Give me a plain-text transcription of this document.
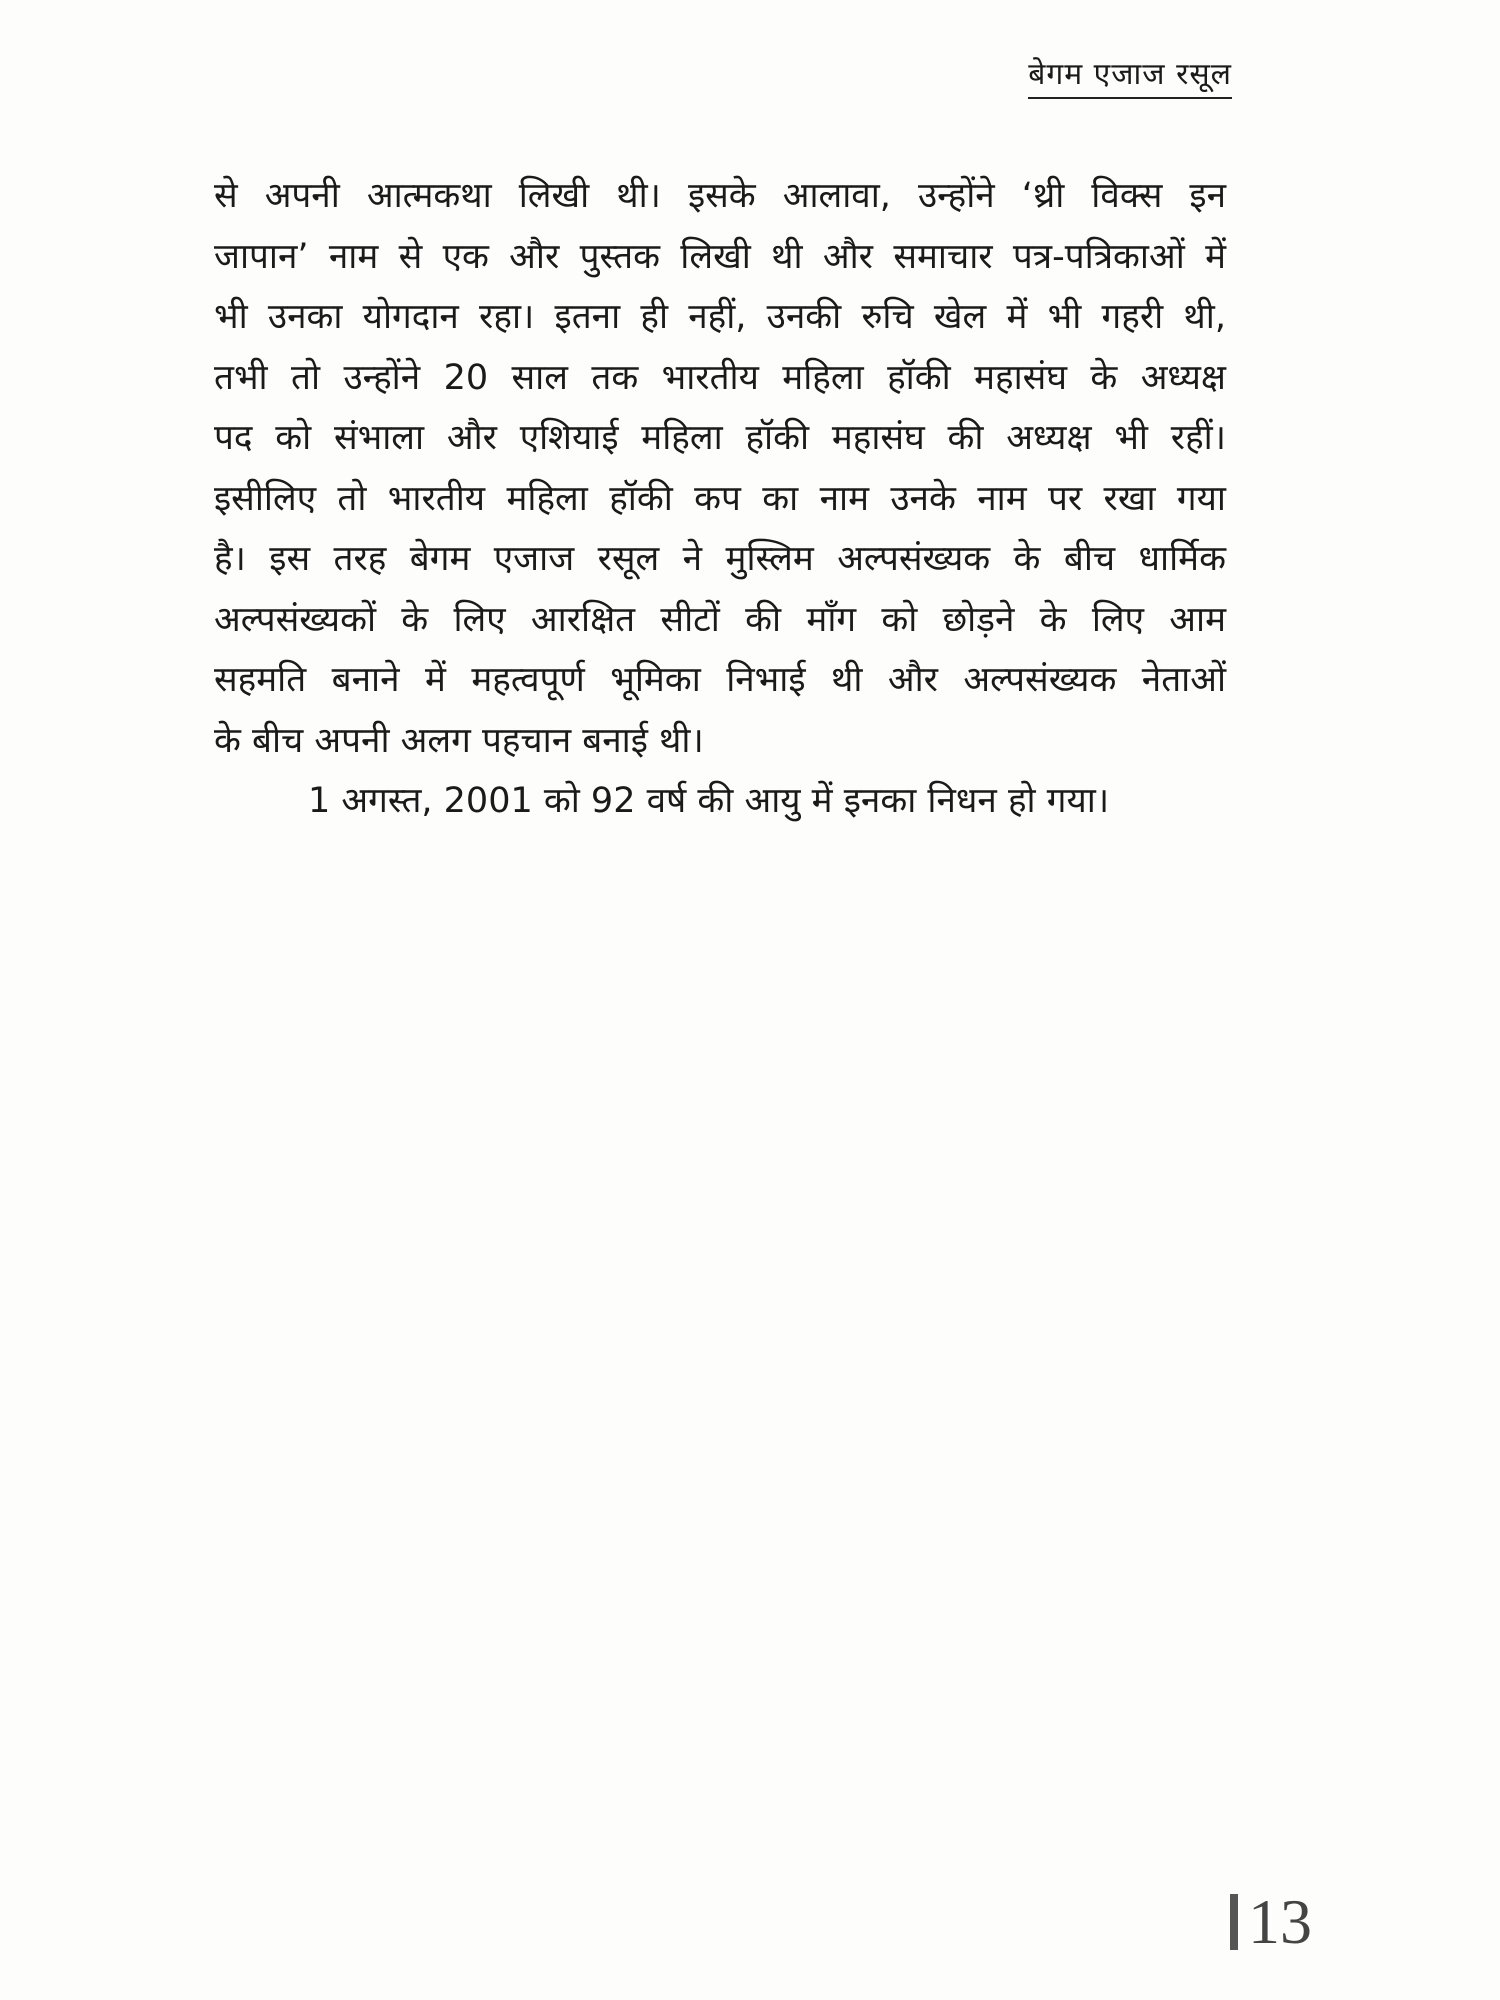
बेगम एजाज रसूल
से अपनी आत्मकथा लिखी थी। इसके आलावा, उन्होंने ‘थ्री विक्स इन
जापान’ नाम से एक और पुस्तक लिखी थी और समाचार पत्र-पत्रिकाओं में
भी उनका योगदान रहा। इतना ही नहीं, उनकी रुचि खेल में भी गहरी थी,
तभी तो उन्होंने 20 साल तक भारतीय महिला हॉकी महासंघ के अध्यक्ष
पद को संभाला और एशियाई महिला हॉकी महासंघ की अध्यक्ष भी रहीं।
इसीलिए तो भारतीय महिला हॉकी कप का नाम उनके नाम पर रखा गया
है। इस तरह बेगम एजाज रसूल ने मुस्लिम अल्पसंख्यक के बीच धार्मिक
अल्पसंख्यकों के लिए आरक्षित सीटों की माँग को छोड़ने के लिए आम
सहमति बनाने में महत्वपूर्ण भूमिका निभाई थी और अल्पसंख्यक नेताओं
के बीच अपनी अलग पहचान बनाई थी।
1 अगस्त, 2001 को 92 वर्ष की आयु में इनका निधन हो गया।
13
